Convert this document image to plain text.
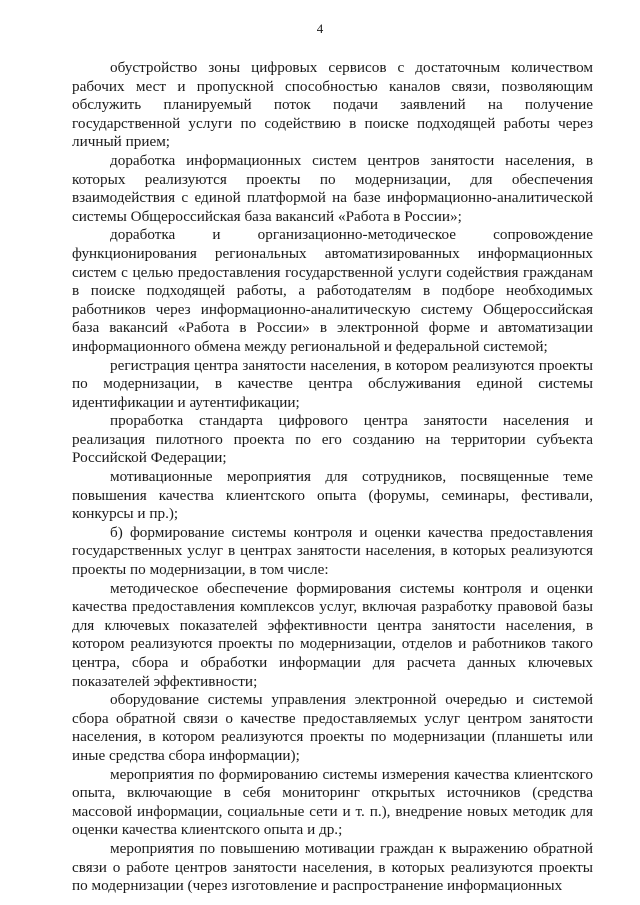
4

обустройство зоны цифровых сервисов с достаточным количеством рабочих мест и пропускной способностью каналов связи, позволяющим обслужить планируемый поток подачи заявлений на получение государственной услуги по содействию в поиске подходящей работы через личный прием;

доработка информационных систем центров занятости населения, в которых реализуются проекты по модернизации, для обеспечения взаимодействия с единой платформой на базе информационно-аналитической системы Общероссийская база вакансий «Работа в России»;

доработка и организационно-методическое сопровождение функционирования региональных автоматизированных информационных систем с целью предоставления государственной услуги содействия гражданам в поиске подходящей работы, а работодателям в подборе необходимых работников через информационно-аналитическую систему Общероссийская база вакансий «Работа в России» в электронной форме и автоматизации информационного обмена между региональной и федеральной системой;

регистрация центра занятости населения, в котором реализуются проекты по модернизации, в качестве центра обслуживания единой системы идентификации и аутентификации;

проработка стандарта цифрового центра занятости населения и реализация пилотного проекта по его созданию на территории субъекта Российской Федерации;

мотивационные мероприятия для сотрудников, посвященные теме повышения качества клиентского опыта (форумы, семинары, фестивали, конкурсы и пр.);

б) формирование системы контроля и оценки качества предоставления государственных услуг в центрах занятости населения, в которых реализуются проекты по модернизации, в том числе:

методическое обеспечение формирования системы контроля и оценки качества предоставления комплексов услуг, включая разработку правовой базы для ключевых показателей эффективности центра занятости населения, в котором реализуются проекты по модернизации, отделов и работников такого центра, сбора и обработки информации для расчета данных ключевых показателей эффективности;

оборудование системы управления электронной очередью и системой сбора обратной связи о качестве предоставляемых услуг центром занятости населения, в котором реализуются проекты по модернизации (планшеты или иные средства сбора информации);

мероприятия по формированию системы измерения качества клиентского опыта, включающие в себя мониторинг открытых источников (средства массовой информации, социальные сети и т. п.), внедрение новых методик для оценки качества клиентского опыта и др.;

мероприятия по повышению мотивации граждан к выражению обратной связи о работе центров занятости населения, в которых реализуются проекты по модернизации (через изготовление и распространение информационных
